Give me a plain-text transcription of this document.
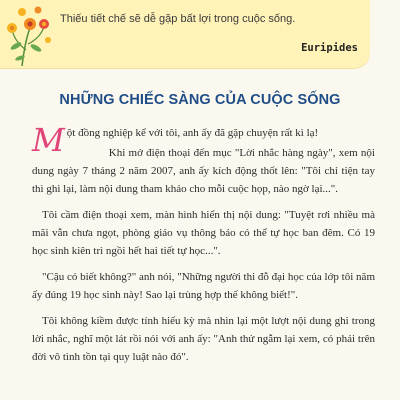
Thiếu tiết chế sẽ dễ gặp bất lợi trong cuộc sống.
Euripides
NHỮNG CHIẾC SÀNG CỦA CUỘC SỐNG

Một đồng nghiệp kể với tôi, anh ấy đã gặp chuyện rất kì lạ!

Khi mở điện thoại đến mục "Lời nhắc hàng ngày", xem nội dung ngày 7 tháng 2 năm 2007, anh ấy kích động thốt lên: "Tôi chỉ tiện tay thì ghi lại, làm nội dung tham khảo cho mỗi cuộc họp, nào ngờ lại...".

Tôi cầm điện thoại xem, màn hình hiển thị nội dung: "Tuyệt rơi nhiều mà mãi vẫn chưa ngọt, phòng giáo vụ thông báo có thể tự học ban đêm. Có 19 học sinh kiên trì ngồi hết hai tiết tự học...".

"Cậu có biết không?" anh nói, "Những người thi đỗ đại học của lớp tôi năm ấy đúng 19 học sinh này! Sao lại trùng hợp thế không biết!".

Tôi không kiềm được tính hiếu kỳ mà nhìn lại một lượt nội dung ghi trong lời nhắc, nghĩ một lát rồi nói với anh ấy: "Anh thử ngẫm lại xem, có phải trên đời vô tình tồn tại quy luật nào đó".
